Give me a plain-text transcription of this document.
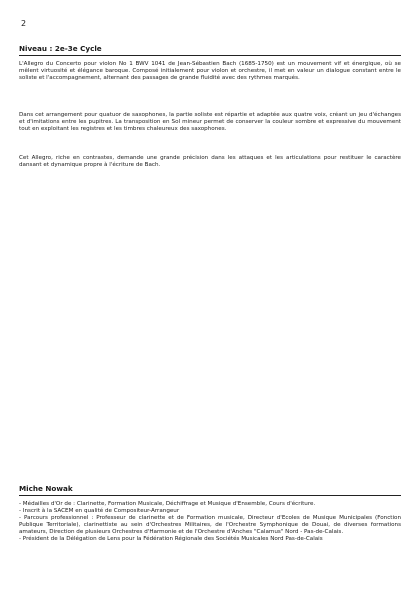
2
Niveau : 2e-3e Cycle

L'Allegro du Concerto pour violon No 1 BWV 1041 de Jean-Sébastien Bach (1685-1750) est un mouvement vif et énergique, où se mêlent virtuosité et élégance baroque. Composé initialement pour violon et orchestre, il met en valeur un dialogue constant entre le soliste et l'accompagnement, alternant des passages de grande fluidité avec des rythmes marqués.

Dans cet arrangement pour quatuor de saxophones, la partie soliste est répartie et adaptée aux quatre voix, créant un jeu d'échanges et d'imitations entre les pupitres. La transposition en Sol mineur permet de conserver la couleur sombre et expressive du mouvement tout en exploitant les registres et les timbres chaleureux des saxophones.

Cet Allegro, riche en contrastes, demande une grande précision dans les attaques et les articulations pour restituer le caractère dansant et dynamique propre à l'écriture de Bach.

Miche Nowak
- Médailles d'Or de : Clarinette, Formation Musicale, Déchiffrage et Musique d'Ensemble, Cours d'écriture.
- Inscrit à la SACEM en qualité de Compositeur-Arrangeur
- Parcours professionnel : Professeur de clarinette et de Formation musicale, Directeur d'Ecoles de Musique Municipales (Fonction Publique Territoriale), clarinettiste au sein d'Orchestres Militaires, de l'Orchestre Symphonique de Douai, de diverses formations amateurs, Direction de plusieurs Orchestres d'Harmonie et de l'Orchestre d'Anches "Calamus" Nord - Pas-de-Calais.
- Président de la Délégation de Lens pour la Fédération Régionale des Sociétés Musicales Nord Pas-de-Calais
